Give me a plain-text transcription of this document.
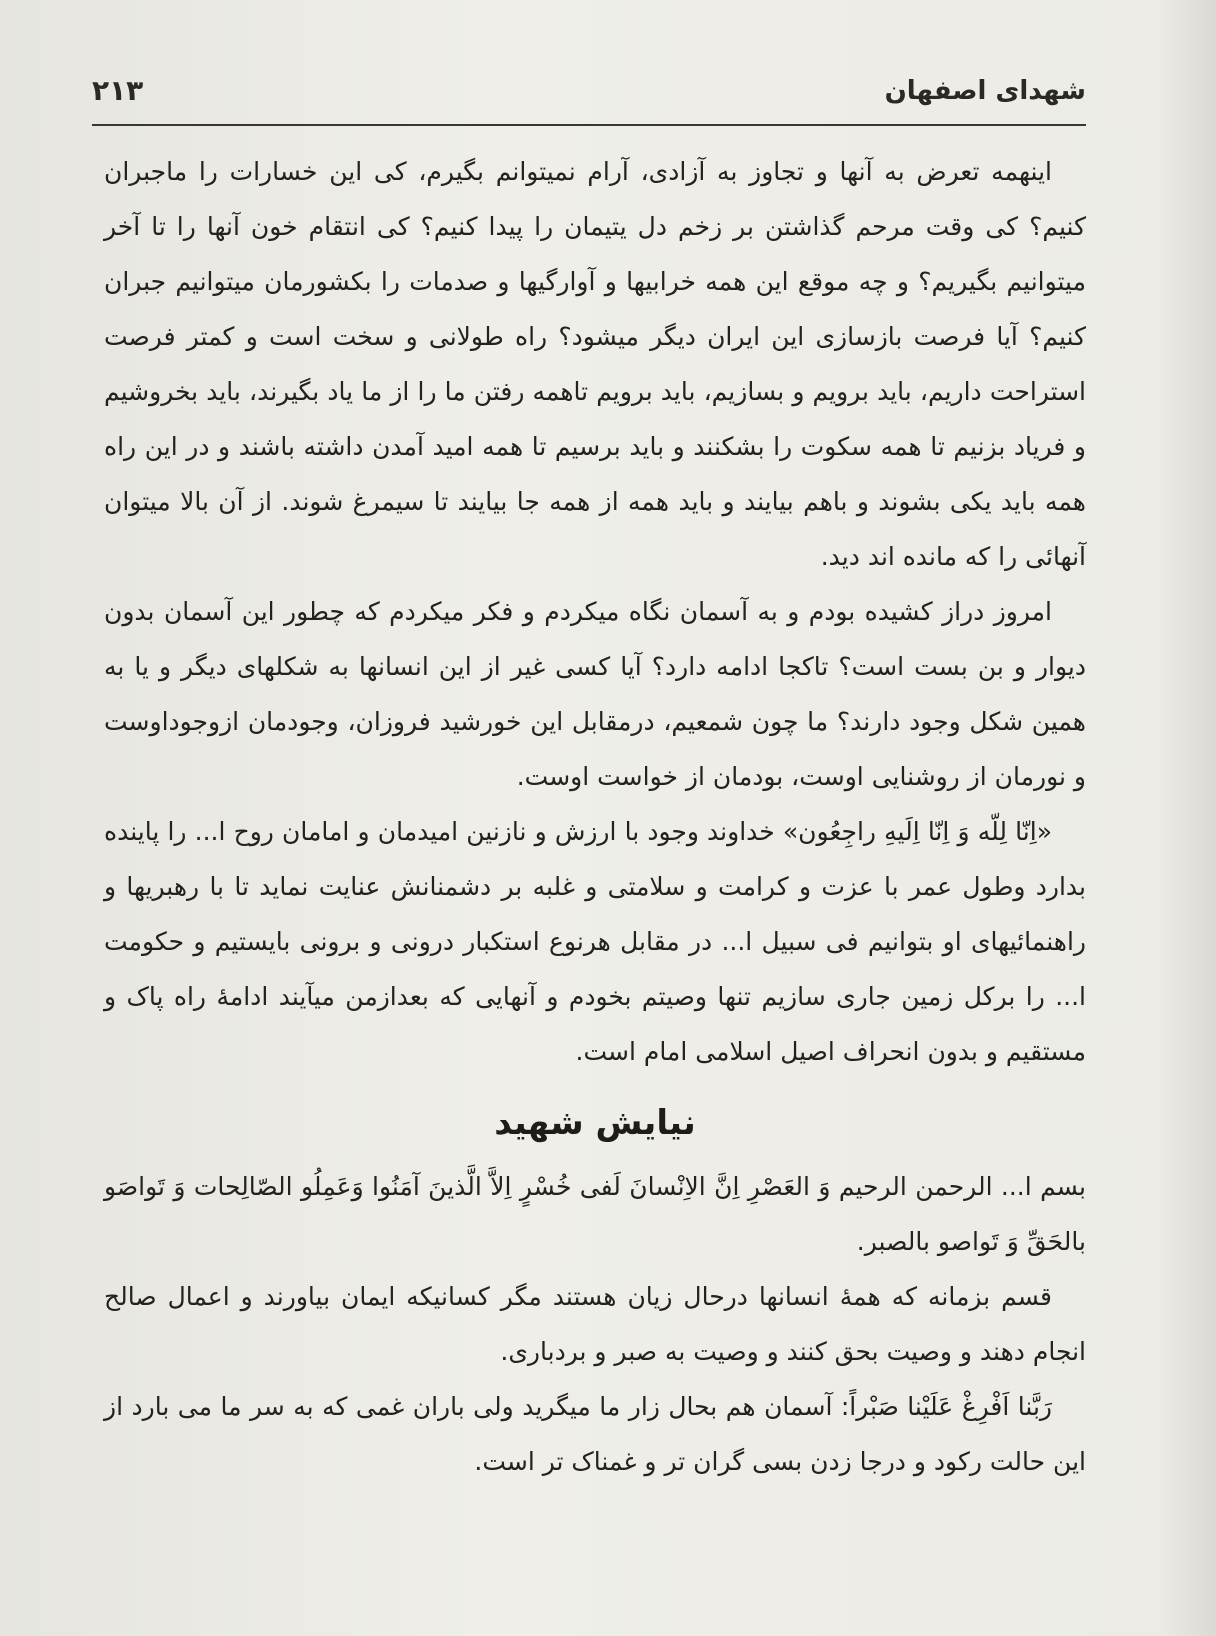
شهدای اصفهان
۲۱۳

اینهمه تعرض به آنها و تجاوز به آزادی، آرام نمیتوانم بگیرم، کی این خسارات را ماجبران کنیم؟ کی وقت مرحم گذاشتن بر زخم دل یتیمان را پیدا کنیم؟ کی انتقام خون آنها را تا آخر میتوانیم بگیریم؟ و چه موقع این همه خرابیها و آوارگیها و صدمات را بکشورمان میتوانیم جبران کنیم؟ آیا فرصت بازسازی این ایران دیگر میشود؟ راه طولانی و سخت است و کمتر فرصت استراحت داریم، باید برویم و بسازیم، باید برویم تاهمه رفتن ما را از ما یاد بگیرند، باید بخروشیم و فریاد بزنیم تا همه سکوت را بشکنند و باید برسیم تا همه امید آمدن داشته باشند و در این راه همه باید یکی بشوند و باهم بیایند و باید همه از همه جا بیایند تا سیمرغ شوند. از آن بالا میتوان آنهائی را که مانده اند دید.

امروز دراز کشیده بودم و به آسمان نگاه میکردم و فکر میکردم که چطور این آسمان بدون دیوار و بن بست است؟ تاکجا ادامه دارد؟ آیا کسی غیر از این انسانها به شکلهای دیگر و یا به همین شکل وجود دارند؟ ما چون شمعیم، درمقابل این خورشید فروزان، وجودمان ازوجوداوست و نورمان از روشنایی اوست، بودمان از خواست اوست.

«اِنّا لِلّه وَ اِنّا اِلَیهِ راجِعُون» خداوند وجود با ارزش و نازنین امیدمان و امامان روح ا... را پاینده بدارد وطول عمر با عزت و کرامت و سلامتی و غلبه بر دشمنانش عنایت نماید تا با رهبریها و راهنمائیهای او بتوانیم فی سبیل ا... در مقابل هرنوع استکبار درونی و برونی بایستیم و حکومت ا... را برکل زمین جاری سازیم تنها وصیتم بخودم و آنهایی که بعدازمن میآیند ادامهٔ راه پاک و مستقیم و بدون انحراف اصیل اسلامی امام است.

نیایش شهید

بسم ا... الرحمن الرحیم وَ العَصْرِ اِنَّ الاِنْسانَ لَفی خُسْرٍ اِلاَّ الَّذینَ آمَنُوا وَعَمِلُو الصّالِحات وَ تَواصَو بالحَقِّ وَ تَواصو بالصبر.

قسم بزمانه که همهٔ انسانها درحال زیان هستند مگر کسانیکه ایمان بیاورند و اعمال صالح انجام دهند و وصیت بحق کنند و وصیت به صبر و بردباری.

رَبَّنا اَفْرِغْ عَلَیْنا صَبْراً: آسمان هم بحال زار ما میگرید ولی باران غمی که به سر ما می بارد از این حالت رکود و درجا زدن بسی گران تر و غمناک تر است.
